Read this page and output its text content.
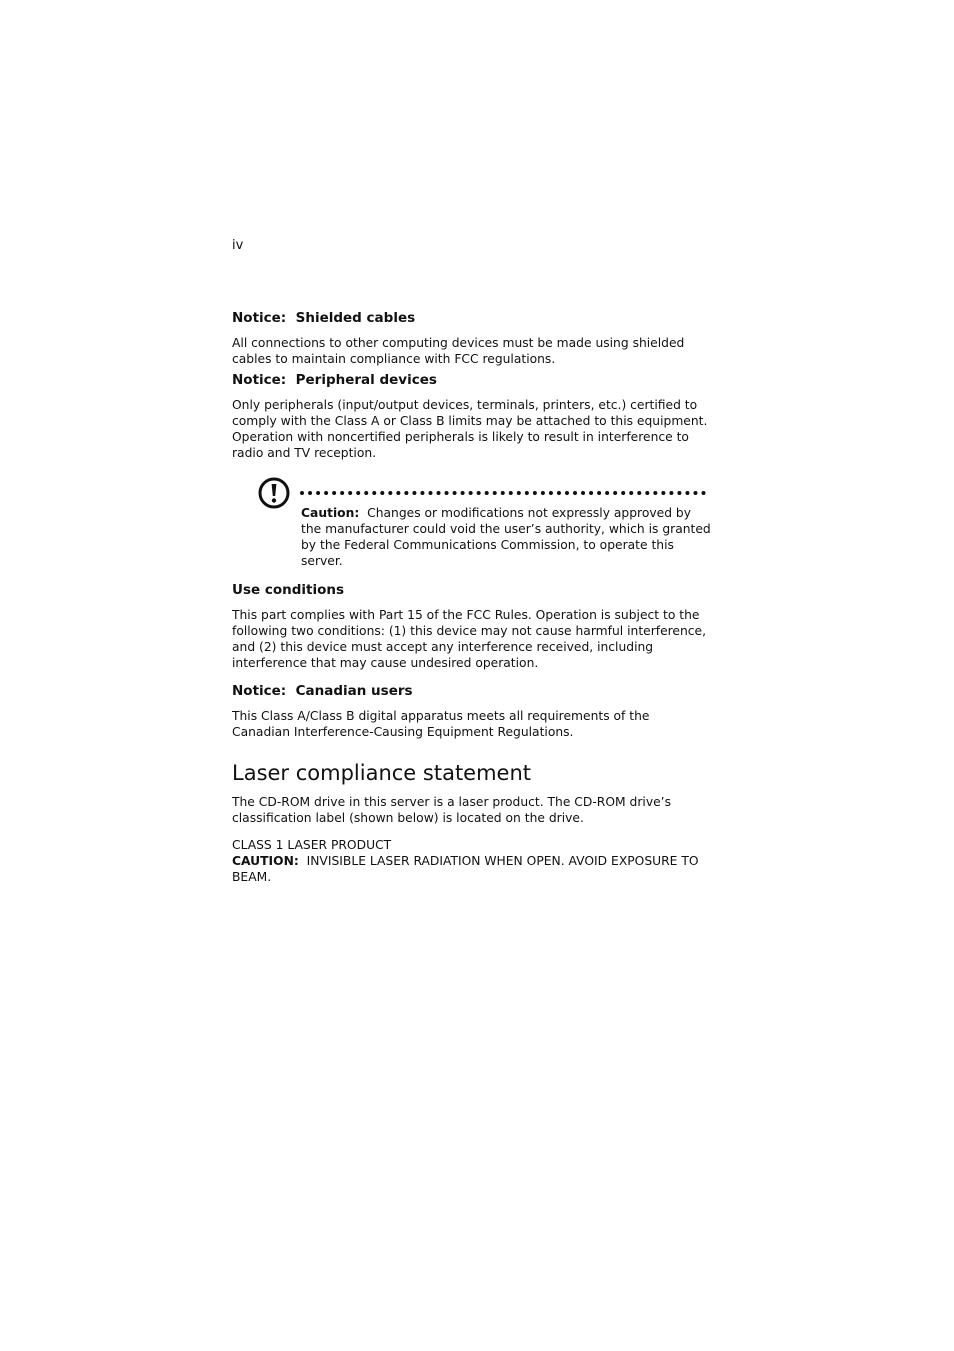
iv
Notice:  Shielded cables

All connections to other computing devices must be made using shielded cables to maintain compliance with FCC regulations.

Notice:  Peripheral devices

Only peripherals (input/output devices, terminals, printers, etc.) certified to comply with the Class A or Class B limits may be attached to this equipment. Operation with noncertified peripherals is likely to result in interference to radio and TV reception.

Caution: Changes or modifications not expressly approved by the manufacturer could void the user’s authority, which is granted by the Federal Communications Commission, to operate this server.
Use conditions

This part complies with Part 15 of the FCC Rules. Operation is subject to the following two conditions: (1) this device may not cause harmful interference, and (2) this device must accept any interference received, including interference that may cause undesired operation.

Notice:  Canadian users

This Class A/Class B digital apparatus meets all requirements of the Canadian Interference-Causing Equipment Regulations.

Laser compliance statement

The CD-ROM drive in this server is a laser product. The CD-ROM drive’s classification label (shown below) is located on the drive.

CLASS 1 LASER PRODUCT

CAUTION: INVISIBLE LASER RADIATION WHEN OPEN. AVOID EXPOSURE TO BEAM.
